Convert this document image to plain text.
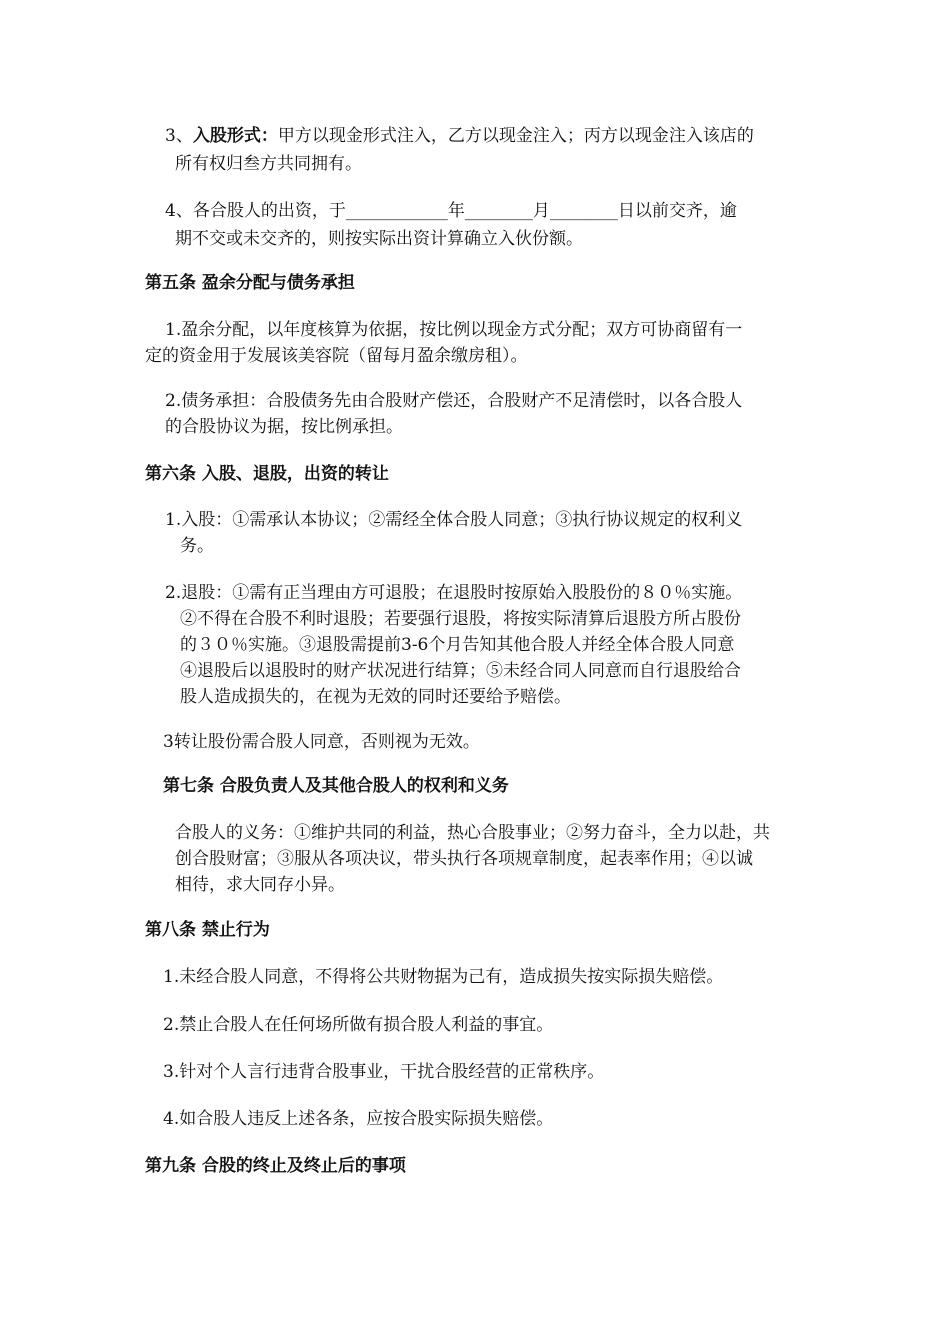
3、入股形式：甲方以现金形式注入，乙方以现金注入；丙方以现金注入该店的
所有权归叁方共同拥有。
4、各合股人的出资，于____________年________月________日以前交齐，逾
期不交或未交齐的，则按实际出资计算确立入伙份额。
第五条 盈余分配与债务承担
1.盈余分配，以年度核算为依据，按比例以现金方式分配；双方可协商留有一
定的资金用于发展该美容院（留每月盈余缴房租）。
2.债务承担：合股债务先由合股财产偿还，合股财产不足清偿时，以各合股人
的合股协议为据，按比例承担。
第六条 入股、退股，出资的转让
1.入股：①需承认本协议；②需经全体合股人同意；③执行协议规定的权利义
务。
2.退股：①需有正当理由方可退股；在退股时按原始入股股份的８０％实施。
②不得在合股不利时退股；若要强行退股，将按实际清算后退股方所占股份
的３０％实施。③退股需提前3-6个月告知其他合股人并经全体合股人同意
④退股后以退股时的财产状况进行结算；⑤未经合同人同意而自行退股给合
股人造成损失的，在视为无效的同时还要给予赔偿。
3转让股份需合股人同意，否则视为无效。
第七条 合股负责人及其他合股人的权利和义务
合股人的义务：①维护共同的利益，热心合股事业；②努力奋斗，全力以赴，共
创合股财富；③服从各项决议，带头执行各项规章制度，起表率作用；④以诚
相待，求大同存小异。
第八条 禁止行为
1.未经合股人同意，不得将公共财物据为己有，造成损失按实际损失赔偿。
2.禁止合股人在任何场所做有损合股人利益的事宜。
3.针对个人言行违背合股事业，干扰合股经营的正常秩序。
4.如合股人违反上述各条，应按合股实际损失赔偿。
第九条 合股的终止及终止后的事项
